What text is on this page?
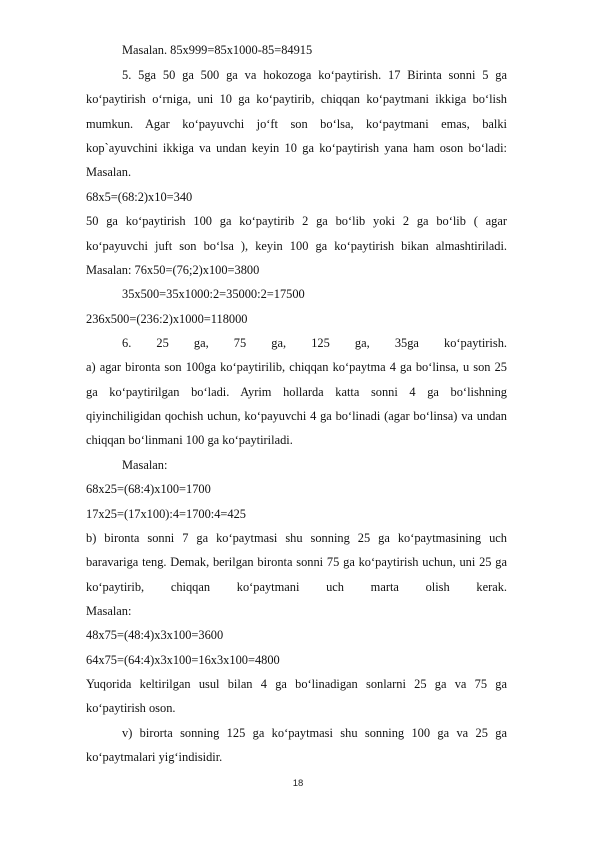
Masalan. 85x999=85x1000-85=84915
5. 5ga 50 ga 500 ga va hokozoga ko‘paytirish. 17 Birinta sonni 5 ga
ko‘paytirish o‘rniga, uni 10 ga ko‘paytirib, chiqqan ko‘paytmani ikkiga bo‘lish
mumkun. Agar ko‘payuvchi jo‘ft son bo‘lsa, ko‘paytmani emas, balki
kop`ayuvchini ikkiga va undan keyin 10 ga ko‘paytirish yana ham oson bo‘ladi:
Masalan.
68x5=(68:2)x10=340
50 ga ko‘paytirish 100 ga ko‘paytirib 2 ga bo‘lib yoki 2 ga bo‘lib ( agar
ko‘payuvchi juft son bo‘lsa ), keyin 100 ga ko‘paytirish bikan almashtiriladi.
Masalan: 76x50=(76;2)x100=3800
35x500=35x1000:2=35000:2=17500
236x500=(236:2)x1000=118000
6. 25 ga, 75 ga, 125 ga, 35ga ko‘paytirish.
a) agar bironta son 100ga ko‘paytirilib, chiqqan ko‘paytma 4 ga bo‘linsa, u son 25
ga ko‘paytirilgan bo‘ladi. Ayrim hollarda katta sonni 4 ga bo‘lishning
qiyinchiligidan qochish uchun, ko‘payuvchi 4 ga bo‘linadi (agar bo‘linsa) va undan
chiqqan bo‘linmani 100 ga ko‘paytiriladi.
Masalan:
68x25=(68:4)x100=1700
17x25=(17x100):4=1700:4=425
b) bironta sonni 7 ga ko‘paytmasi shu sonning 25 ga ko‘paytmasining uch
baravariga teng. Demak, berilgan bironta sonni 75 ga ko‘paytirish uchun, uni 25 ga
ko‘paytirib, chiqqan ko‘paytmani uch marta olish kerak.
Masalan:
48x75=(48:4)x3x100=3600
64x75=(64:4)x3x100=16x3x100=4800
Yuqorida keltirilgan usul bilan 4 ga bo‘linadigan sonlarni 25 ga va 75 ga
ko‘paytirish oson.
v) birorta sonning 125 ga ko‘paytmasi shu sonning 100 ga va 25 ga
ko‘paytmalari yig‘indisidir.
18
